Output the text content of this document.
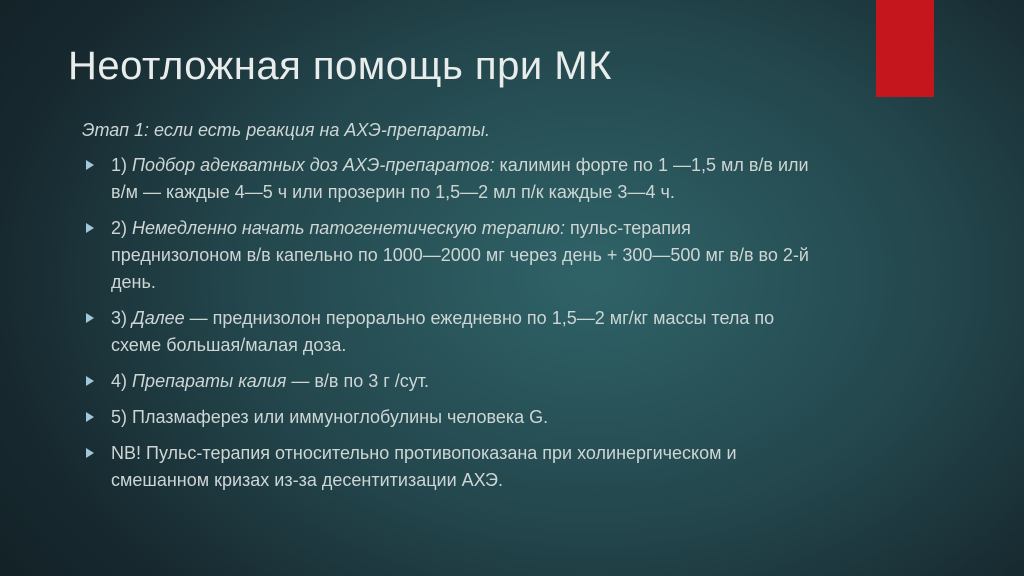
Неотложная помощь при МК
Этап 1: если есть реакция на АХЭ-препараты.
1) Подбор адекватных доз АХЭ-препаратов: калимин форте по 1 —1,5 мл в/в или в/м — каждые 4—5 ч или прозерин по 1,5—2 мл п/к каждые 3—4 ч.
2) Немедленно начать патогенетическую терапию: пульс-терапия преднизолоном в/в капельно по 1000—2000 мг через день + 300—500 мг в/в во 2-й день.
3) Далее — преднизолон перорально ежедневно по 1,5—2 мг/кг массы тела по схеме большая/малая доза.
4) Препараты калия — в/в по 3 г /сут.
5) Плазмаферез или иммуноглобулины человека G.
NB! Пульс-терапия относительно противопоказана при холинергическом и смешанном кризах из-за десентитизации АХЭ.
